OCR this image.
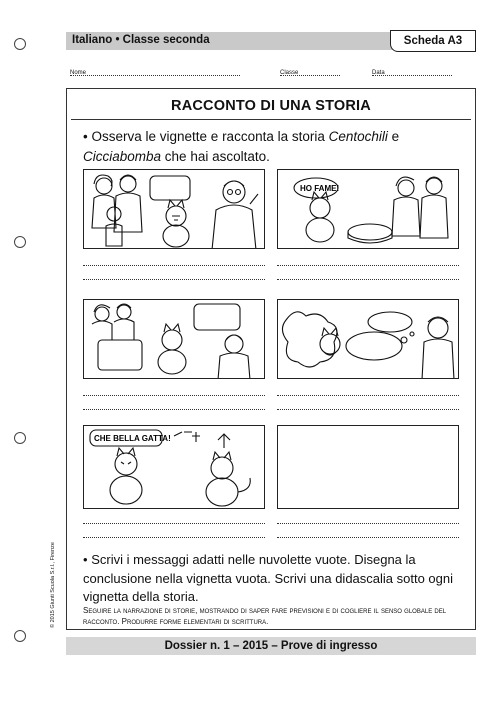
Italiano • Classe seconda	Scheda A3
Nome	Classe	Data
RACCONTO DI UNA STORIA
• Osserva le vignette e racconta la storia Centochili e Cicciabomba che hai ascoltato.
HO FAME!
CHE BELLA GATTA!
• Scrivi i messaggi adatti nelle nuvolette vuote. Disegna la conclusione nella vignetta vuota. Scrivi una didascalia sotto ogni vignetta della storia.
Seguire la narrazione di storie, mostrando di saper fare previsioni e di cogliere il senso globale del racconto. Produrre forme elementari di scrittura.
© 2015 Giunti Scuola S.r.l., Firenze
Dossier n. 1 – 2015 – Prove di ingresso
